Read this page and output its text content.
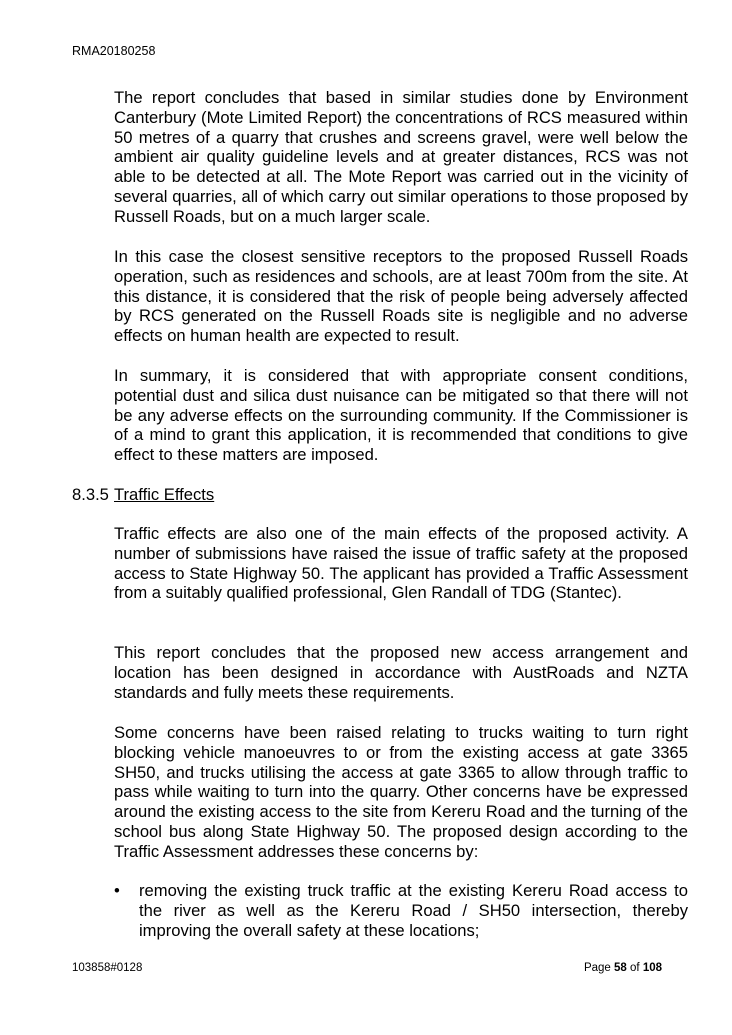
RMA20180258

The report concludes that based in similar studies done by Environment Canterbury (Mote Limited Report) the concentrations of RCS measured within 50 metres of a quarry that crushes and screens gravel, were well below the ambient air quality guideline levels and at greater distances, RCS was not able to be detected at all. The Mote Report was carried out in the vicinity of several quarries, all of which carry out similar operations to those proposed by Russell Roads, but on a much larger scale.

In this case the closest sensitive receptors to the proposed Russell Roads operation, such as residences and schools, are at least 700m from the site. At this distance, it is considered that the risk of people being adversely affected by RCS generated on the Russell Roads site is negligible and no adverse effects on human health are expected to result.

In summary, it is considered that with appropriate consent conditions, potential dust and silica dust nuisance can be mitigated so that there will not be any adverse effects on the surrounding community. If the Commissioner is of a mind to grant this application, it is recommended that conditions to give effect to these matters are imposed.

8.3.5 Traffic Effects

Traffic effects are also one of the main effects of the proposed activity. A number of submissions have raised the issue of traffic safety at the proposed access to State Highway 50. The applicant has provided a Traffic Assessment from a suitably qualified professional, Glen Randall of TDG (Stantec).

This report concludes that the proposed new access arrangement and location has been designed in accordance with AustRoads and NZTA standards and fully meets these requirements.

Some concerns have been raised relating to trucks waiting to turn right blocking vehicle manoeuvres to or from the existing access at gate 3365 SH50, and trucks utilising the access at gate 3365 to allow through traffic to pass while waiting to turn into the quarry. Other concerns have be expressed around the existing access to the site from Kereru Road and the turning of the school bus along State Highway 50. The proposed design according to the Traffic Assessment addresses these concerns by:

• removing the existing truck traffic at the existing Kereru Road access to the river as well as the Kereru Road / SH50 intersection, thereby improving the overall safety at these locations;

103858#0128	Page 58 of 108
